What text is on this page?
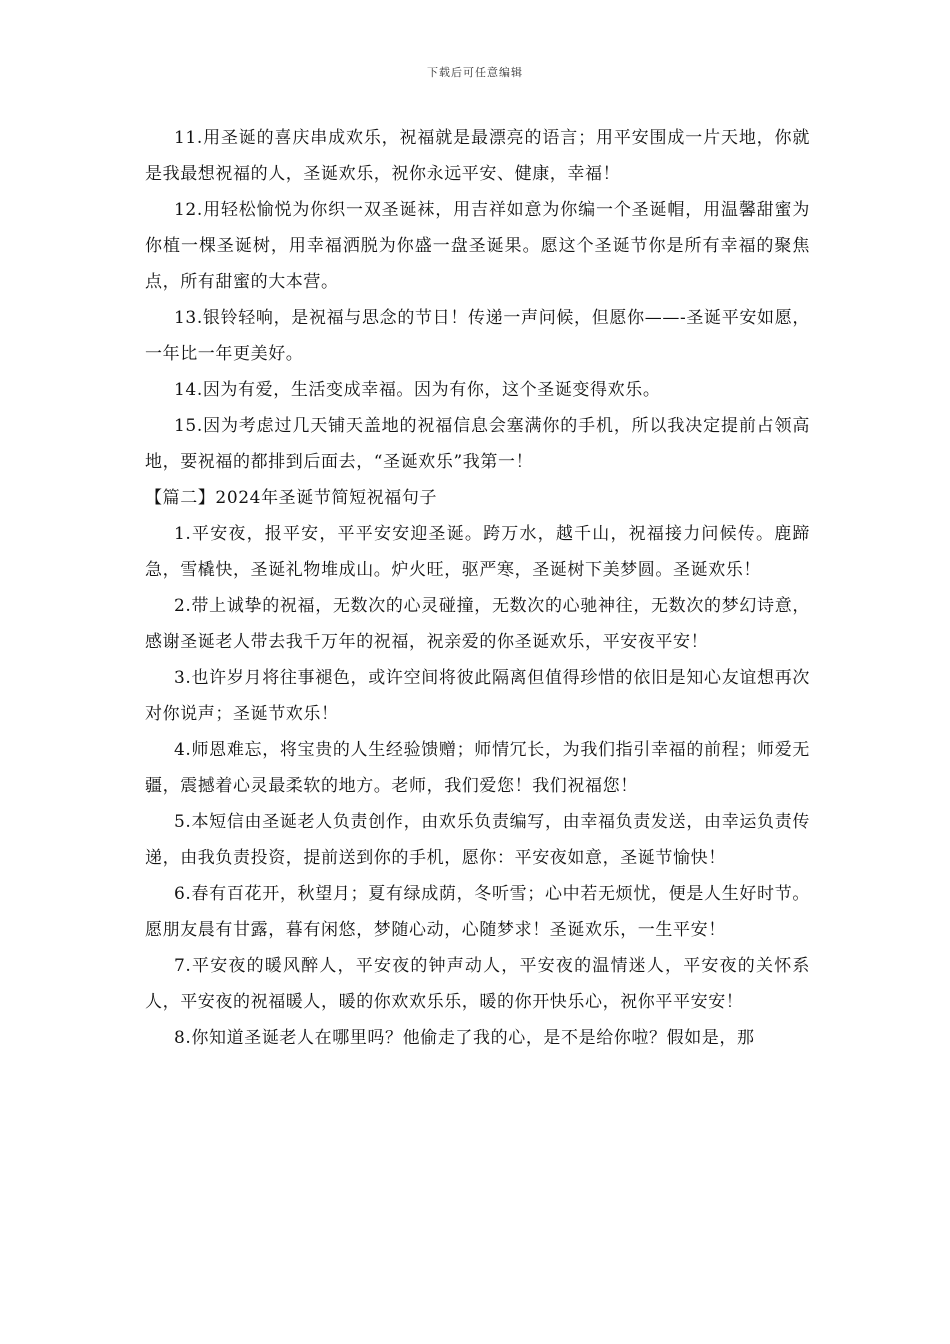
下载后可任意编辑

11.用圣诞的喜庆串成欢乐，祝福就是最漂亮的语言；用平安围成一片天地，你就是我最想祝福的人，圣诞欢乐，祝你永远平安、健康，幸福！

12.用轻松愉悦为你织一双圣诞袜，用吉祥如意为你编一个圣诞帽，用温馨甜蜜为你植一棵圣诞树，用幸福洒脱为你盛一盘圣诞果。愿这个圣诞节你是所有幸福的聚焦点，所有甜蜜的大本营。

13.银铃轻响，是祝福与思念的节日！传递一声问候，但愿你——-圣诞平安如愿，一年比一年更美好。

14.因为有爱，生活变成幸福。因为有你，这个圣诞变得欢乐。

15.因为考虑过几天铺天盖地的祝福信息会塞满你的手机，所以我决定提前占领高地，要祝福的都排到后面去，“圣诞欢乐”我第一！

【篇二】2024年圣诞节简短祝福句子

1.平安夜，报平安，平平安安迎圣诞。跨万水，越千山，祝福接力问候传。鹿蹄急，雪橇快，圣诞礼物堆成山。炉火旺，驱严寒，圣诞树下美梦圆。圣诞欢乐！

2.带上诚挚的祝福，无数次的心灵碰撞，无数次的心驰神往，无数次的梦幻诗意，感谢圣诞老人带去我千万年的祝福，祝亲爱的你圣诞欢乐，平安夜平安！

3.也许岁月将往事褪色，或许空间将彼此隔离但值得珍惜的依旧是知心友谊想再次对你说声；圣诞节欢乐！

4.师恩难忘，将宝贵的人生经验馈赠；师情冗长，为我们指引幸福的前程；师爱无疆，震撼着心灵最柔软的地方。老师，我们爱您！我们祝福您！

5.本短信由圣诞老人负责创作，由欢乐负责编写，由幸福负责发送，由幸运负责传递，由我负责投资，提前送到你的手机，愿你：平安夜如意，圣诞节愉快！

6.春有百花开，秋望月；夏有绿成荫，冬听雪；心中若无烦忧，便是人生好时节。愿朋友晨有甘露，暮有闲悠，梦随心动，心随梦求！圣诞欢乐，一生平安！

7.平安夜的暖风醉人，平安夜的钟声动人，平安夜的温情迷人，平安夜的关怀系人，平安夜的祝福暖人，暖的你欢欢乐乐，暖的你开快乐心，祝你平平安安！

8.你知道圣诞老人在哪里吗？他偷走了我的心，是不是给你啦？假如是，那
